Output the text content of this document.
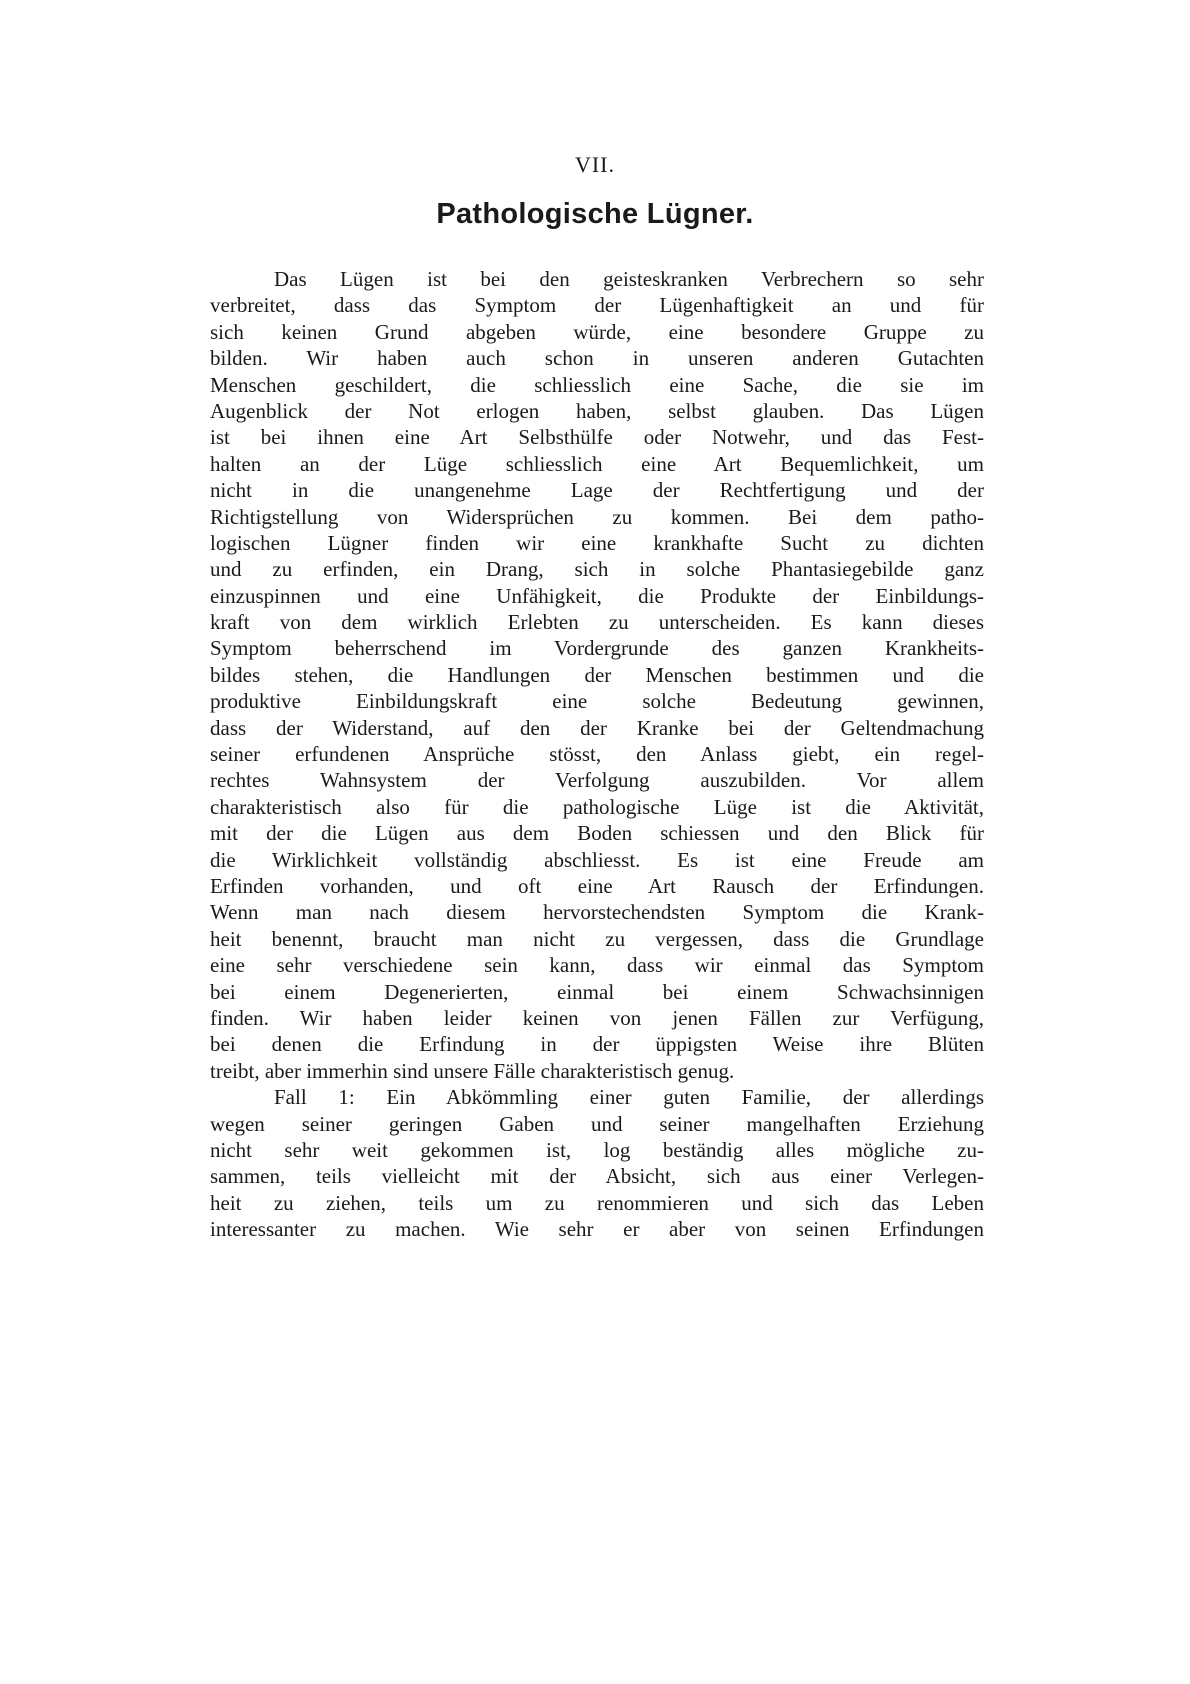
VII.
Pathologische Lügner.
Das Lügen ist bei den geisteskranken Verbrechern so sehr
verbreitet, dass das Symptom der Lügenhaftigkeit an und für
sich keinen Grund abgeben würde, eine besondere Gruppe zu
bilden. Wir haben auch schon in unseren anderen Gutachten
Menschen geschildert, die schliesslich eine Sache, die sie im
Augenblick der Not erlogen haben, selbst glauben. Das Lügen
ist bei ihnen eine Art Selbsthülfe oder Notwehr, und das Fest-
halten an der Lüge schliesslich eine Art Bequemlichkeit, um
nicht in die unangenehme Lage der Rechtfertigung und der
Richtigstellung von Widersprüchen zu kommen. Bei dem patho-
logischen Lügner finden wir eine krankhafte Sucht zu dichten
und zu erfinden, ein Drang, sich in solche Phantasiegebilde ganz
einzuspinnen und eine Unfähigkeit, die Produkte der Einbildungs-
kraft von dem wirklich Erlebten zu unterscheiden. Es kann dieses
Symptom beherrschend im Vordergrunde des ganzen Krankheits-
bildes stehen, die Handlungen der Menschen bestimmen und die
produktive Einbildungskraft eine solche Bedeutung gewinnen,
dass der Widerstand, auf den der Kranke bei der Geltendmachung
seiner erfundenen Ansprüche stösst, den Anlass giebt, ein regel-
rechtes Wahnsystem der Verfolgung auszubilden. Vor allem
charakteristisch also für die pathologische Lüge ist die Aktivität,
mit der die Lügen aus dem Boden schiessen und den Blick für
die Wirklichkeit vollständig abschliesst. Es ist eine Freude am
Erfinden vorhanden, und oft eine Art Rausch der Erfindungen.
Wenn man nach diesem hervorstechendsten Symptom die Krank-
heit benennt, braucht man nicht zu vergessen, dass die Grundlage
eine sehr verschiedene sein kann, dass wir einmal das Symptom
bei einem Degenerierten, einmal bei einem Schwachsinnigen
finden. Wir haben leider keinen von jenen Fällen zur Verfügung,
bei denen die Erfindung in der üppigsten Weise ihre Blüten
treibt, aber immerhin sind unsere Fälle charakteristisch genug.
Fall 1: Ein Abkömmling einer guten Familie, der allerdings
wegen seiner geringen Gaben und seiner mangelhaften Erziehung
nicht sehr weit gekommen ist, log beständig alles mögliche zu-
sammen, teils vielleicht mit der Absicht, sich aus einer Verlegen-
heit zu ziehen, teils um zu renommieren und sich das Leben
interessanter zu machen. Wie sehr er aber von seinen Erfindungen
